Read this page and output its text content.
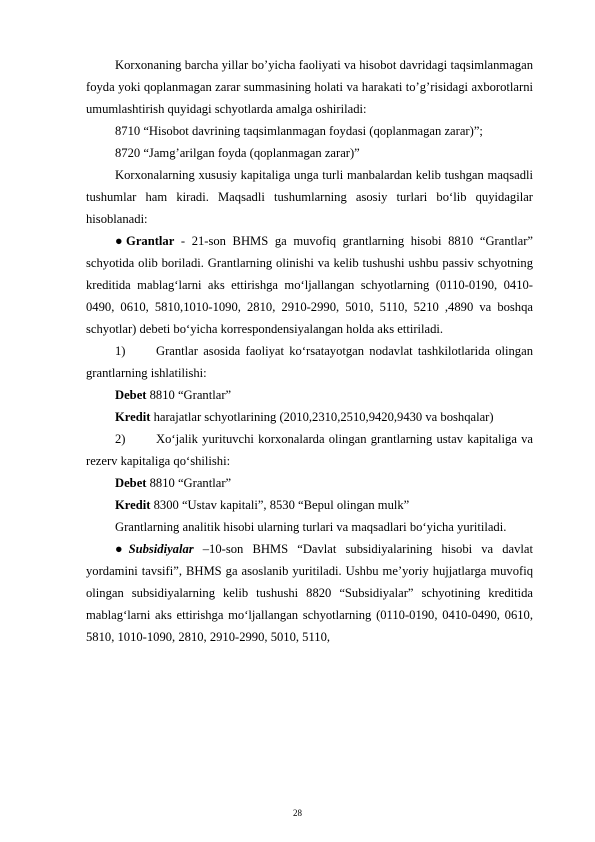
Korxonaning barcha yillar bo’yicha faoliyati va hisobot davridagi taqsimlanmagan foyda yoki qoplanmagan zarar summasining holati va harakati to’g’risidagi axborotlarni umumlashtirish quyidagi schyotlarda amalga oshiriladi:

8710 “Hisobot davrining taqsimlanmagan foydasi (qoplanmagan zarar)”;

8720 “Jamg’arilgan foyda (qoplanmagan zarar)”

Korxonalarning xususiy kapitaliga unga turli manbalardan kelib tushgan maqsadli tushumlar ham kiradi. Maqsadli tushumlarning asosiy turlari bo‘lib quyidagilar hisoblanadi:

●Grantlar - 21-son BHMS ga muvofiq grantlarning hisobi 8810 “Grantlar” schyotida olib boriladi. Grantlarning olinishi va kelib tushushi ushbu passiv schyotning kreditida mablag‘larni aks ettirishga mo‘ljallangan schyotlarning (0110-0190, 0410-0490, 0610, 5810,1010-1090, 2810, 2910-2990, 5010, 5110, 5210 ,4890 va boshqa schyotlar) debeti bo‘yicha korrespondensiyalangan holda aks ettiriladi.

1) Grantlar asosida faoliyat ko‘rsatayotgan nodavlat tashkilotlarida olingan grantlarning ishlatilishi:

Debet 8810 “Grantlar”

Kredit harajatlar schyotlarining (2010,2310,2510,9420,9430 va boshqalar)

2) Xo‘jalik yurituvchi korxonalarda olingan grantlarning ustav kapitaliga va rezerv kapitaliga qo‘shilishi:

Debet 8810 “Grantlar”

Kredit 8300 “Ustav kapitali”, 8530 “Bepul olingan mulk”

Grantlarning analitik hisobi ularning turlari va maqsadlari bo‘yicha yuritiladi.

●Subsidiyalar –10-son BHMS “Davlat subsidiyalarining hisobi va davlat yordamini tavsifi”, BHMS ga asoslanib yuritiladi. Ushbu me’yoriy hujjatlarga muvofiq olingan subsidiyalarning kelib tushushi 8820 “Subsidiyalar” schyotining kreditida mablag‘larni aks ettirishga mo‘ljallangan schyotlarning (0110-0190, 0410-0490, 0610, 5810, 1010-1090, 2810, 2910-2990, 5010, 5110,

28
